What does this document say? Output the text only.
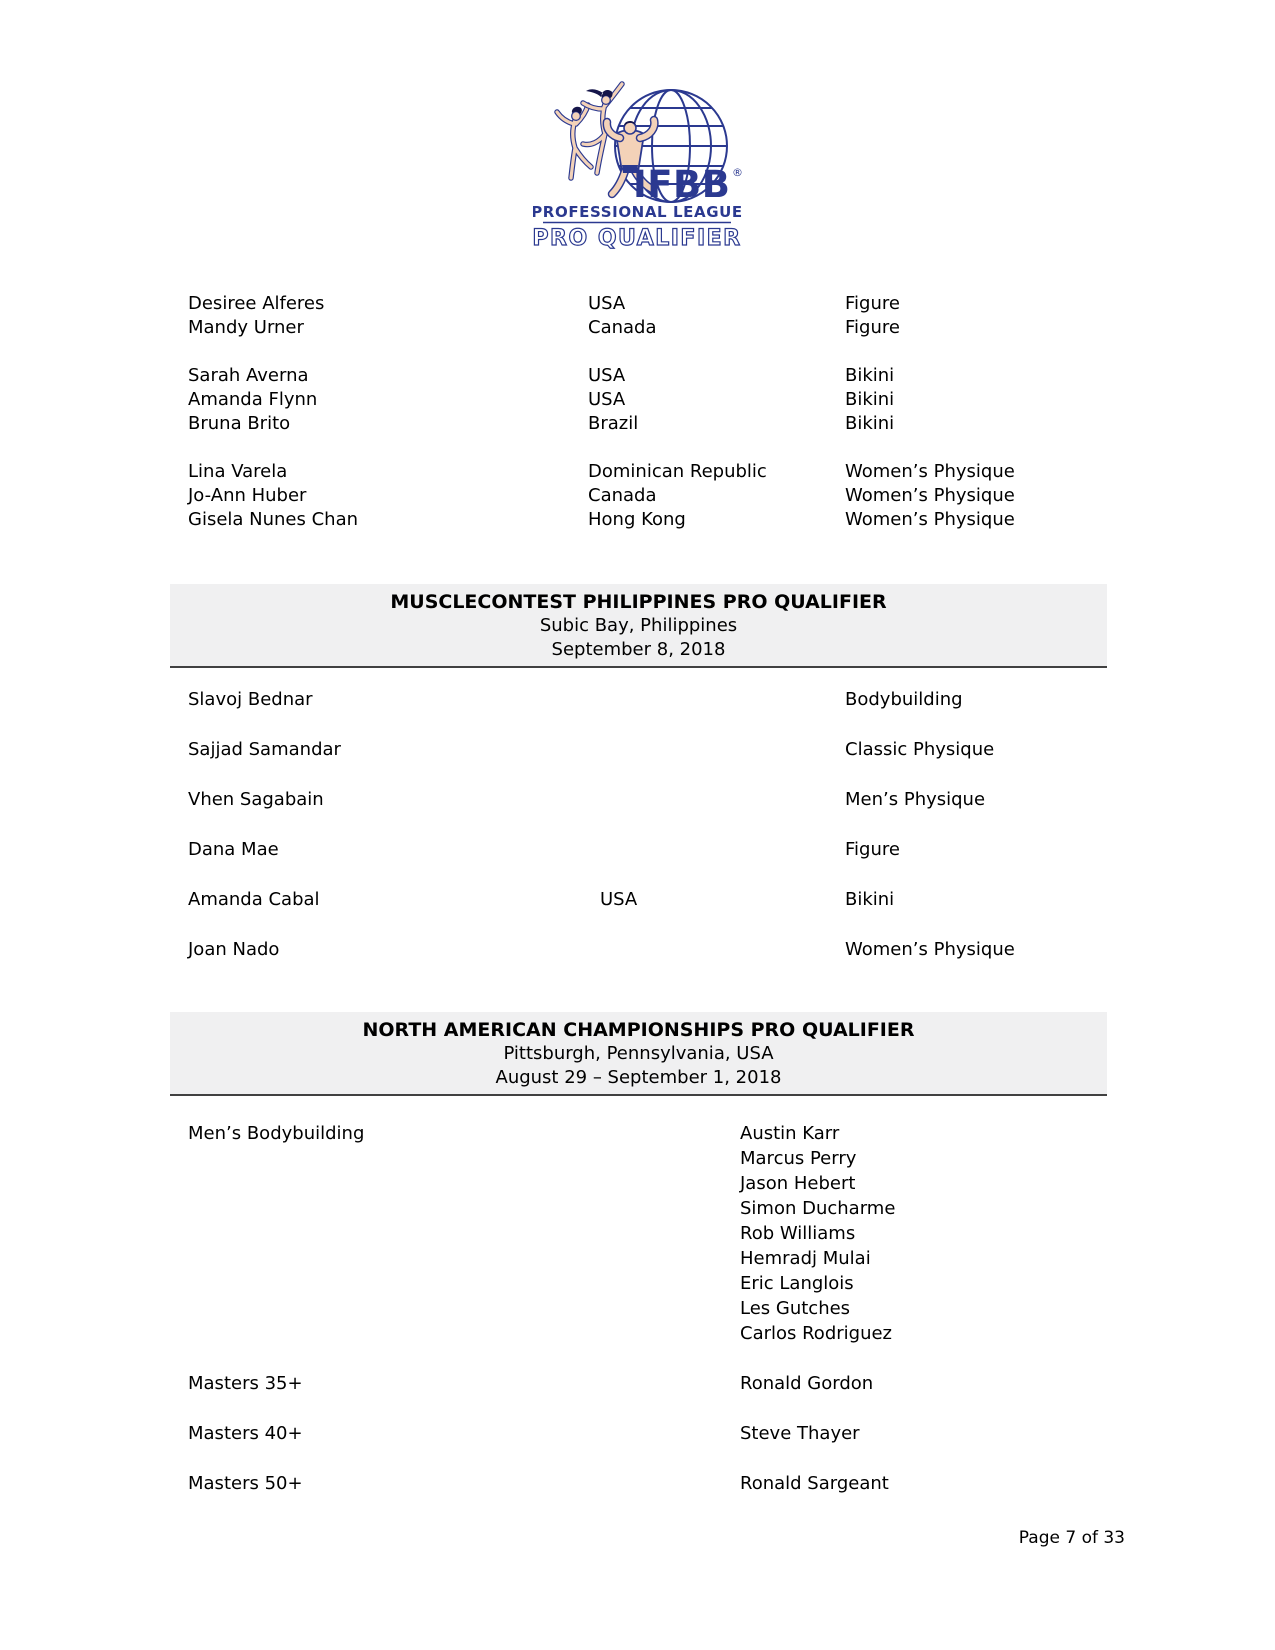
IFBB ®
PROFESSIONAL LEAGUE
PRO QUALIFIER
Desiree Alferes	USA	Figure
Mandy Urner	Canada	Figure
Sarah Averna	USA	Bikini
Amanda Flynn	USA	Bikini
Bruna Brito	Brazil	Bikini
Lina Varela	Dominican Republic	Women’s Physique
Jo-Ann Huber	Canada	Women’s Physique
Gisela Nunes Chan	Hong Kong	Women’s Physique
MUSCLECONTEST PHILIPPINES PRO QUALIFIER
Subic Bay, Philippines
September 8, 2018
Slavoj Bednar	Bodybuilding
Sajjad Samandar	Classic Physique
Vhen Sagabain	Men’s Physique
Dana Mae	Figure
Amanda Cabal	USA	Bikini
Joan Nado	Women’s Physique
NORTH AMERICAN CHAMPIONSHIPS PRO QUALIFIER
Pittsburgh, Pennsylvania, USA
August 29 – September 1, 2018
Men’s Bodybuilding	Austin Karr
Marcus Perry
Jason Hebert
Simon Ducharme
Rob Williams
Hemradj Mulai
Eric Langlois
Les Gutches
Carlos Rodriguez
Masters 35+	Ronald Gordon
Masters 40+	Steve Thayer
Masters 50+	Ronald Sargeant
Page 7 of 33
